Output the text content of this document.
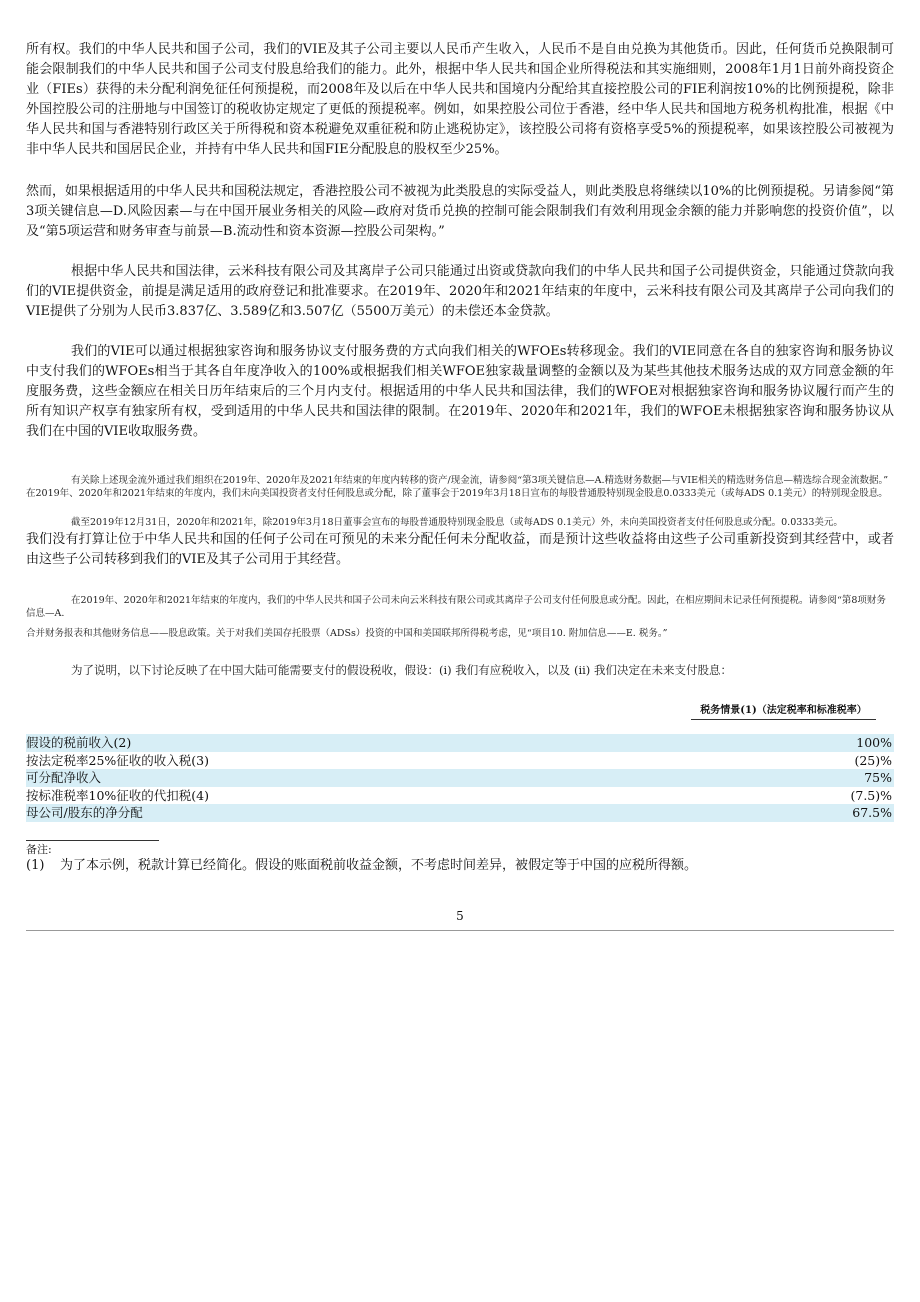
所有权。我们的中华人民共和国子公司，我们的VIE及其子公司主要以人民币产生收入，人民币不是自由兑换为其他货币。因此，任何货币兑换限制可能会限制我们的中华人民共和国子公司支付股息给我们的能力。此外，根据中华人民共和国企业所得税法和其实施细则，2008年1月1日前外商投资企业（FIEs）获得的未分配利润免征任何预提税，而2008年及以后在中华人民共和国境内分配给其直接控股公司的FIE利润按10%的比例预提税，除非外国控股公司的注册地与中国签订的税收协定规定了更低的预提税率。例如，如果控股公司位于香港，经中华人民共和国地方税务机构批准，根据《中华人民共和国与香港特别行政区关于所得税和资本税避免双重征税和防止逃税协定》，该控股公司将有资格享受5%的预提税率，如果该控股公司被视为非中华人民共和国居民企业，并持有中华人民共和国FIE分配股息的股权至少25%。

然而，如果根据适用的中华人民共和国税法规定，香港控股公司不被视为此类股息的实际受益人，则此类股息将继续以10%的比例预提税。另请参阅“第3项关键信息—D.风险因素—与在中国开展业务相关的风险—政府对货币兑换的控制可能会限制我们有效利用现金余额的能力并影响您的投资价值”，以及“第5项运营和财务审查与前景—B.流动性和资本资源—控股公司架构。”

根据中华人民共和国法律，云米科技有限公司及其离岸子公司只能通过出资或贷款向我们的中华人民共和国子公司提供资金，只能通过贷款向我们的VIE提供资金，前提是满足适用的政府登记和批准要求。在2019年、2020年和2021年结束的年度中，云米科技有限公司及其离岸子公司向我们的VIE提供了分别为人民币3.837亿、3.589亿和3.507亿（5500万美元）的未偿还本金贷款。

我们的VIE可以通过根据独家咨询和服务协议支付服务费的方式向我们相关的WFOEs转移现金。我们的VIE同意在各自的独家咨询和服务协议中支付我们的WFOEs相当于其各自年度净收入的100%或根据我们相关WFOE独家裁量调整的金额以及为某些其他技术服务达成的双方同意金额的年度服务费，这些金额应在相关日历年结束后的三个月内支付。根据适用的中华人民共和国法律，我们的WFOE对根据独家咨询和服务协议履行而产生的所有知识产权享有独家所有权，受到适用的中华人民共和国法律的限制。在2019年、2020年和2021年，我们的WFOE未根据独家咨询和服务协议从我们在中国的VIE收取服务费。

有关除上述现金流外通过我们组织在2019年、2020年及2021年结束的年度内转移的资产/现金流，请参阅“第3项关键信息—A.精选财务数据—与VIE相关的精选财务信息—精选综合现金流数据。”

在2019年、2020年和2021年结束的年度内，我们未向美国投资者支付任何股息或分配，除了董事会于2019年3月18日宣布的每股普通股特别现金股息0.0333美元（或每ADS 0.1美元）的特别现金股息。

截至2019年12月31日，2020年和2021年，除2019年3月18日董事会宣布的每股普通股特别现金股息（或每ADS 0.1美元）外，未向美国投资者支付任何股息或分配。0.0333美元。

我们没有打算让位于中华人民共和国的任何子公司在可预见的未来分配任何未分配收益，而是预计这些收益将由这些子公司重新投资到其经营中，或者由这些子公司转移到我们的VIE及其子公司用于其经营。

在2019年、2020年和2021年结束的年度内，我们的中华人民共和国子公司未向云米科技有限公司或其离岸子公司支付任何股息或分配。因此，在相应期间未记录任何预提税。请参阅“第8项财务信息—A.

合并财务报表和其他财务信息——股息政策。关于对我们美国存托股票（ADSs）投资的中国和美国联邦所得税考虑，见“项目10. 附加信息——E. 税务。”

为了说明，以下讨论反映了在中国大陆可能需要支付的假设税收，假设：(i) 我们有应税收入，以及 (ii) 我们决定在未来支付股息：

税务情景(1)（法定税率和标准税率）
假设的税前收入(2)	100%
按法定税率25%征收的收入税(3)	(25)%
可分配净收入	75%
按标准税率10%征收的代扣税(4)	(7.5)%
母公司/股东的净分配	67.5%
备注:
(1)	为了本示例，税款计算已经简化。假设的账面税前收益金额，不考虑时间差异，被假定等于中国的应税所得额。
5
